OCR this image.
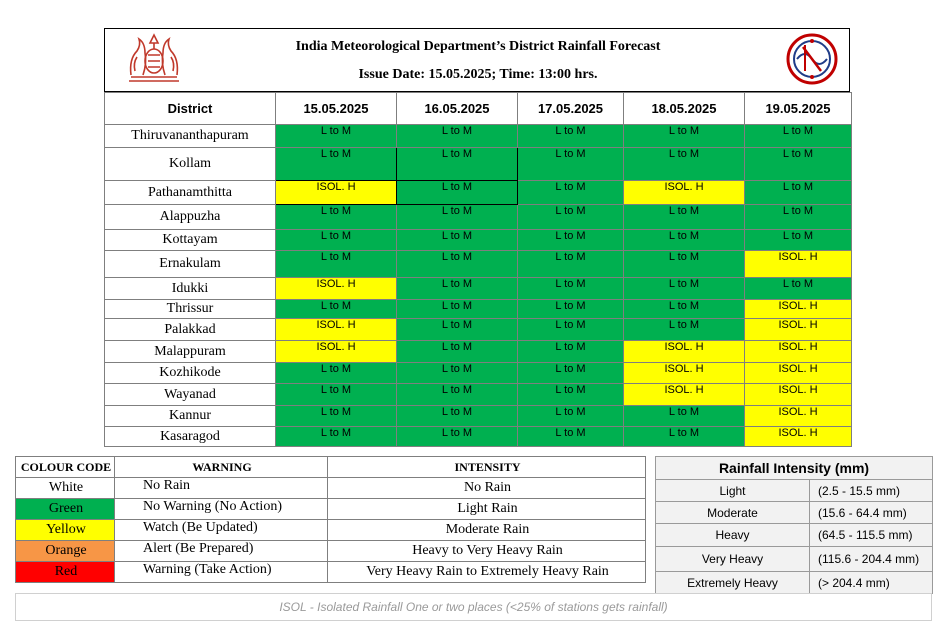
India Meteorological Department’s District Rainfall Forecast
Issue Date: 15.05.2025; Time: 13:00 hrs.
District	15.05.2025	16.05.2025	17.05.2025	18.05.2025	19.05.2025
Thiruvananthapuram	L to M	L to M	L to M	L to M	L to M
Kollam	L to M	L to M	L to M	L to M	L to M
Pathanamthitta	ISOL. H	L to M	L to M	ISOL. H	L to M
Alappuzha	L to M	L to M	L to M	L to M	L to M
Kottayam	L to M	L to M	L to M	L to M	L to M
Ernakulam	L to M	L to M	L to M	L to M	ISOL. H
Idukki	ISOL. H	L to M	L to M	L to M	L to M
Thrissur	L to M	L to M	L to M	L to M	ISOL. H
Palakkad	ISOL. H	L to M	L to M	L to M	ISOL. H
Malappuram	ISOL. H	L to M	L to M	ISOL. H	ISOL. H
Kozhikode	L to M	L to M	L to M	ISOL. H	ISOL. H
Wayanad	L to M	L to M	L to M	ISOL. H	ISOL. H
Kannur	L to M	L to M	L to M	L to M	ISOL. H
Kasaragod	L to M	L to M	L to M	L to M	ISOL. H
COLOUR CODE	WARNING	INTENSITY
White	No Rain	No Rain
Green	No Warning (No Action)	Light Rain
Yellow	Watch (Be Updated)	Moderate Rain
Orange	Alert (Be Prepared)	Heavy to Very Heavy Rain
Red	Warning (Take Action)	Very Heavy Rain to Extremely Heavy Rain
Rainfall Intensity (mm)	
Light	(2.5 - 15.5 mm)
Moderate	(15.6 - 64.4 mm)
Heavy	(64.5 - 115.5 mm)
Very Heavy	(115.6 - 204.4 mm)
Extremely Heavy	(> 204.4 mm)
ISOL - Isolated Rainfall One or two places (<25% of stations gets rainfall)
